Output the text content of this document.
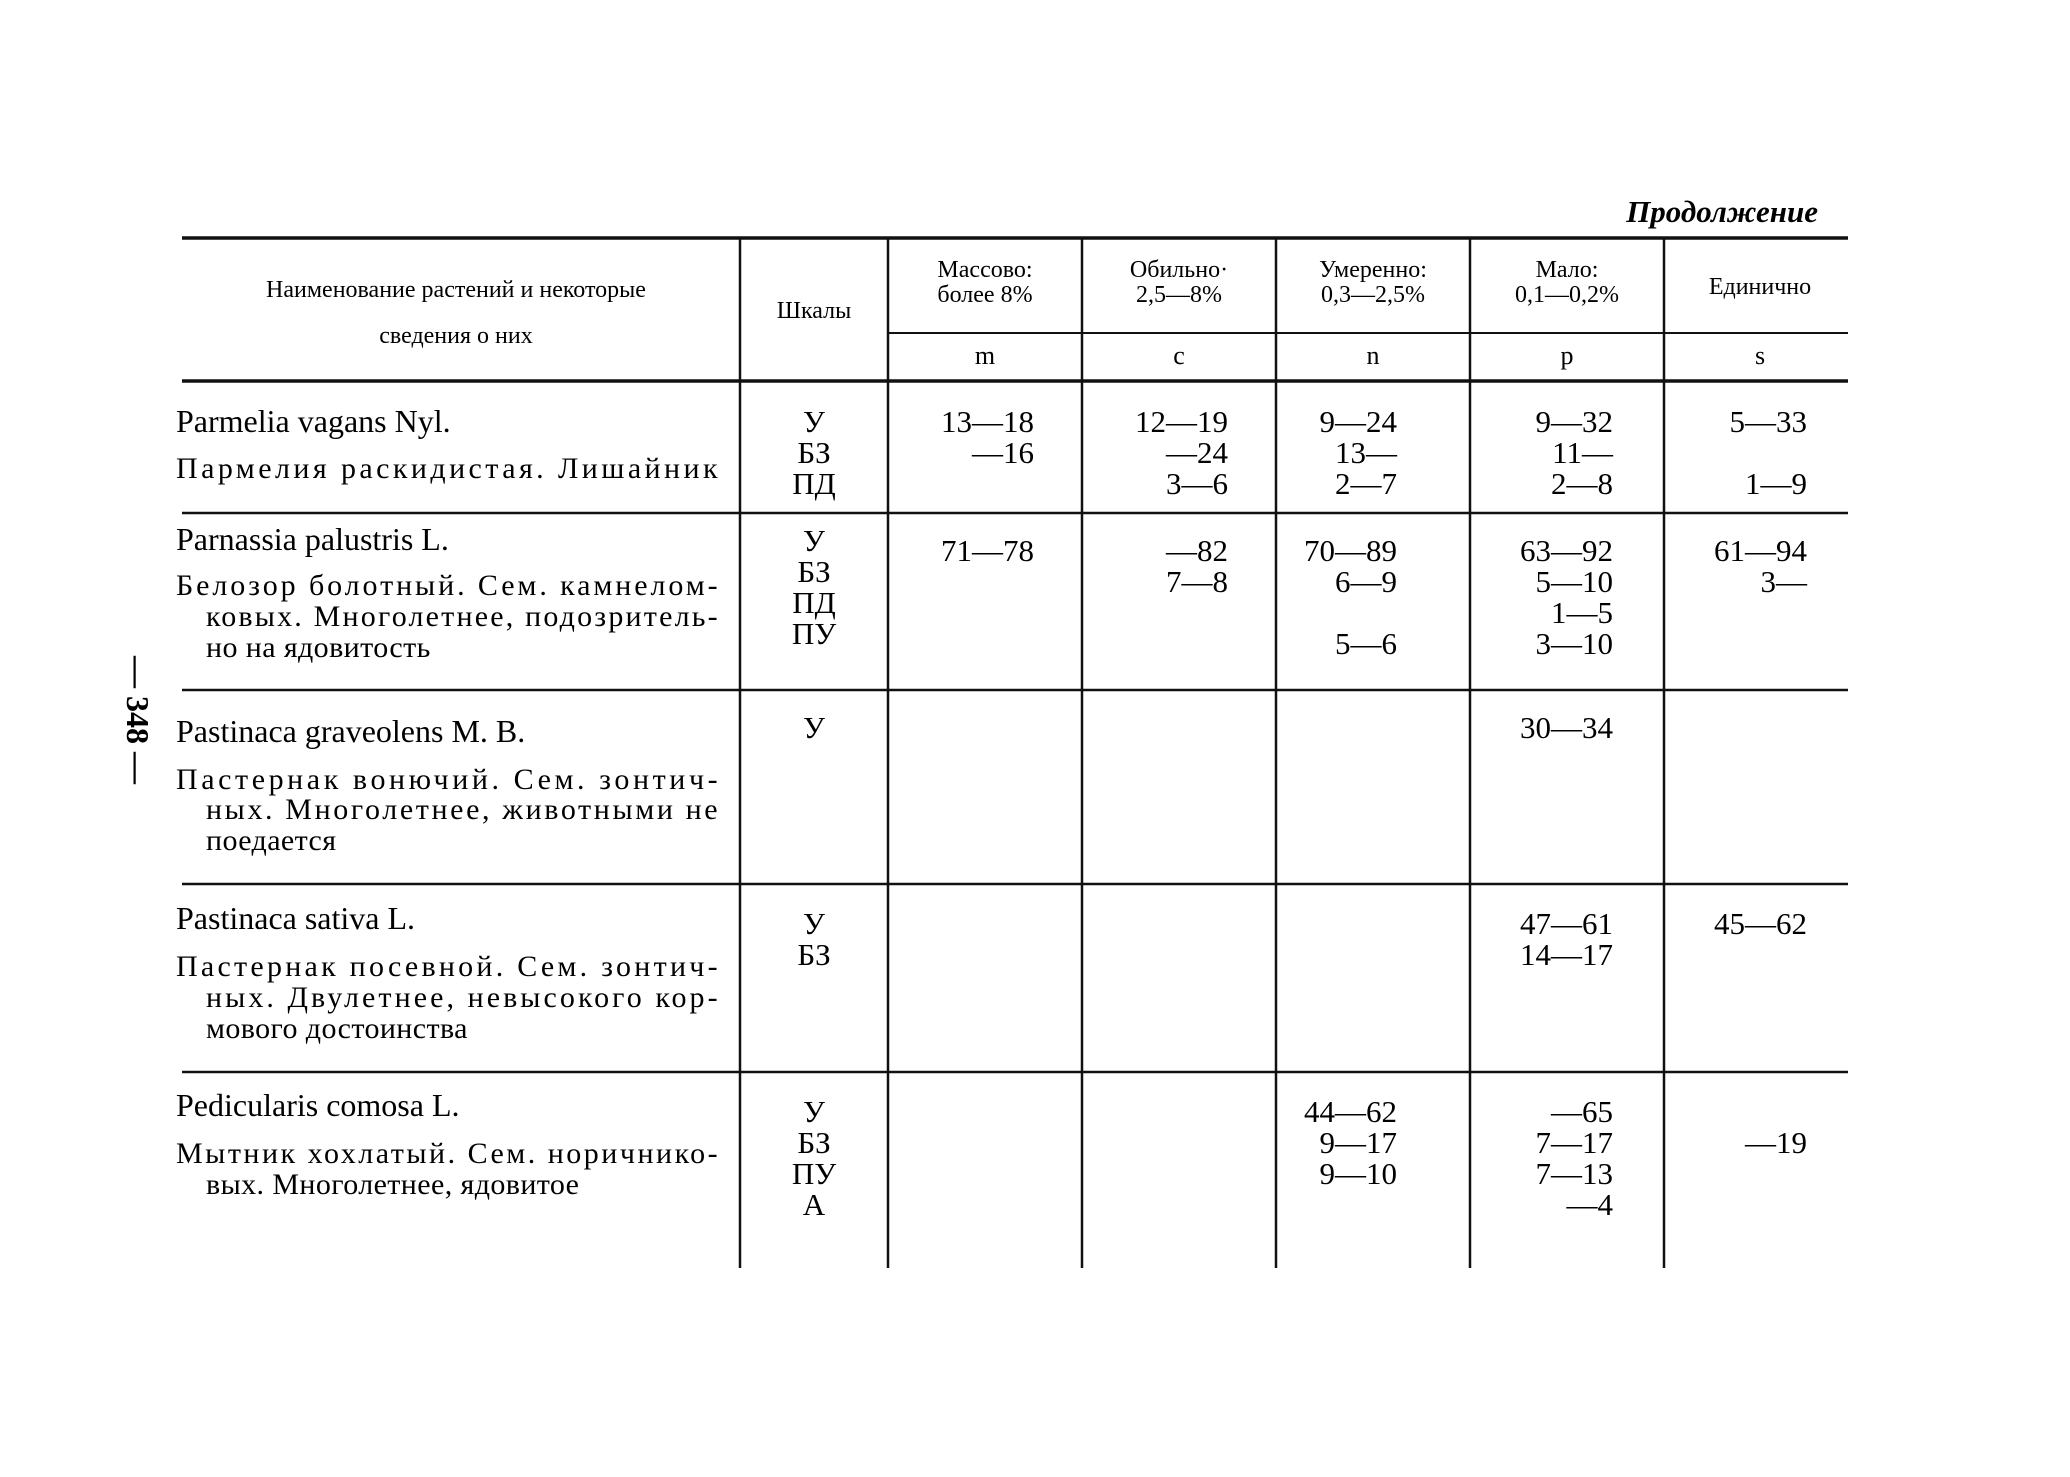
Продолжение
— 348 —
Наименование растений и некоторые
сведения о них
Шкалы
Массово:
более 8%
m
Обильно·
2,5—8%
c
Умеренно:
0,3—2,5%
n
Мало:
0,1—0,2%
p
Единично
s
Parmelia vagans Nyl.
Пармелия раскидистая. Лишайник
У
БЗ
ПД
13—18
—16
12—19
—24
3—6
9—24
13—
2—7
9—32
11—
2—8
5—33
1—9
Parnassia palustris L.
Белозор болотный. Сем. камнелом-
ковых. Многолетнее, подозритель-
но на ядовитость
У
БЗ
ПД
ПУ
71—78	—82
7—8
70—89
6—9
5—6
63—92
5—10
1—5
3—10
61—94
3—
Pastinaca graveolens M. B.
Пастернак вонючий. Сем. зонтич-
ных. Многолетнее, животными не
поедается
У	30—34
Pastinaca sativa L.
Пастернак посевной. Сем. зонтич-
ных. Двулетнее, невысокого кор-
мового достоинства
У
БЗ
47—61
14—17
45—62
Pedicularis comosa L.
Мытник хохлатый. Сем. норичнико-
вых. Многолетнее, ядовитое
У
БЗ
ПУ
А
44—62
9—17
9—10
—65
7—17
7—13
—4
—19
